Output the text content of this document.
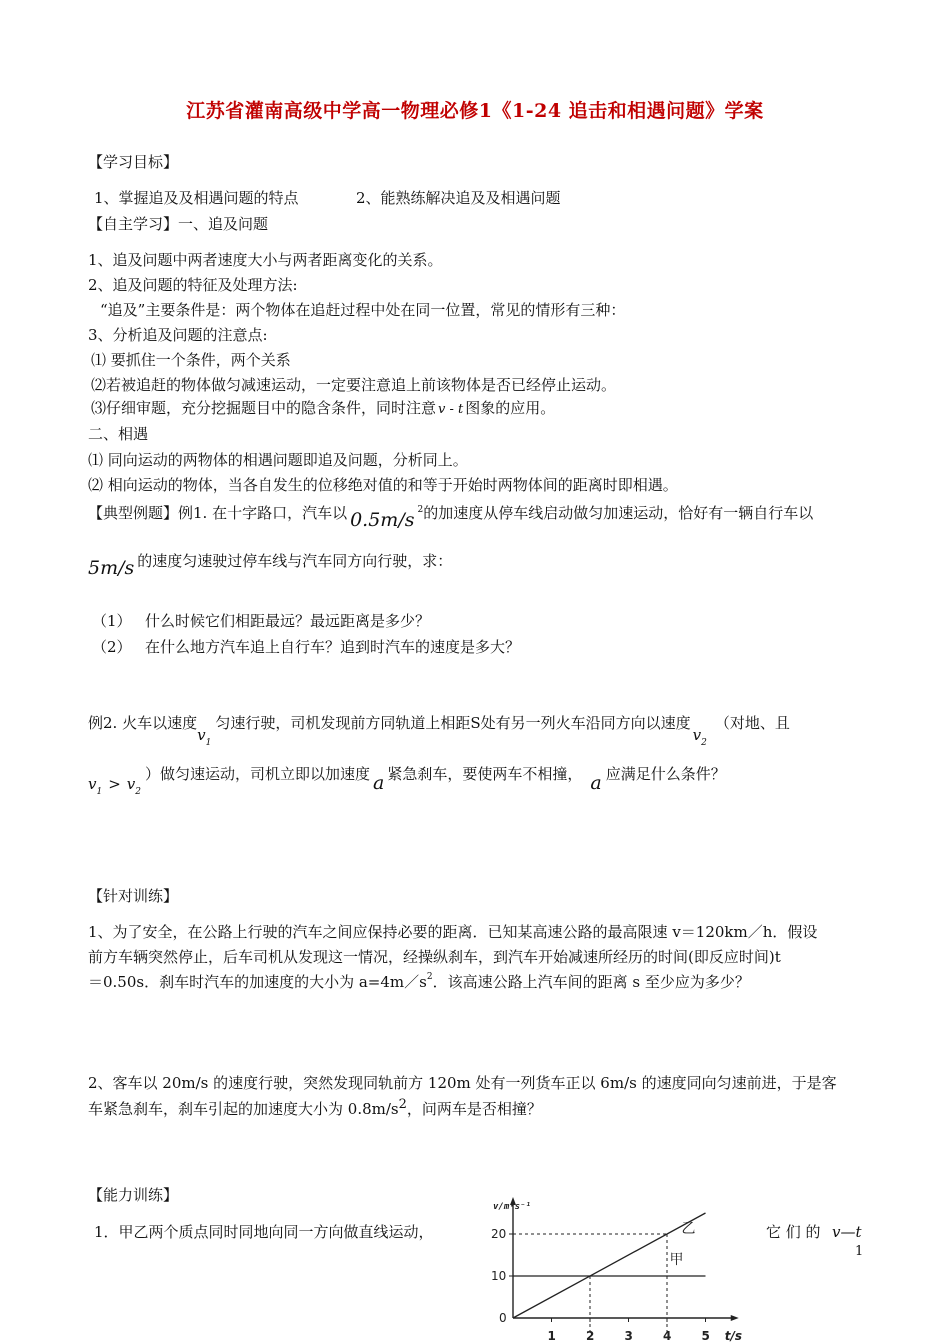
江苏省灌南高级中学高一物理必修1《1-24 追击和相遇问题》学案
【学习目标】
1、掌握追及及相遇问题的特点	2、能熟练解决追及及相遇问题
【自主学习】一、追及问题
1、追及问题中两者速度大小与两者距离变化的关系。
2、追及问题的特征及处理方法:
“追及”主要条件是：两个物体在追赶过程中处在同一位置，常见的情形有三种：
3、分析追及问题的注意点:
⑴ 要抓住一个条件，两个关系
⑵若被追赶的物体做匀减速运动，一定要注意追上前该物体是否已经停止运动。
⑶仔细审题，充分挖掘题目中的隐含条件，同时注意 v - t 图象的应用。
二、相遇
⑴ 同向运动的两物体的相遇问题即追及问题，分析同上。
⑵ 相向运动的物体，当各自发生的位移绝对值的和等于开始时两物体间的距离时即相遇。
【典型例题】例1. 在十字路口，汽车以 0.5m/s $^2$的加速度从停车线启动做匀加速运动，恰好有一辆自行车以
5m/s 的速度匀速驶过停车线与汽车同方向行驶，求：
（1） 什么时候它们相距最远？最远距离是多少？
（2） 在什么地方汽车追上自行车？追到时汽车的速度是多大？
例2. 火车以速度$v_1$匀速行驶，司机发现前方同轨道上相距S处有另一列火车沿同方向以速度$v_2$（对地、且
$v_1 > v_2$）做匀速运动，司机立即以加速度 a 紧急刹车，要使两车不相撞， a 应满足什么条件？
【针对训练】
1、为了安全，在公路上行驶的汽车之间应保持必要的距离．已知某高速公路的最高限速 v＝120km／h．假设
前方车辆突然停止，后车司机从发现这一情况，经操纵刹车，到汽车开始减速所经历的时间(即反应时间)t
＝0.50s．刹车时汽车的加速度的大小为 $a=4m/s^2$．该高速公路上汽车间的距离 s 至少应为多少？
2、客车以 20m/s 的速度行驶，突然发现同轨前方 120m 处有一列货车正以 6m/s 的速度同向匀速前进，于是客
车紧急刹车，刹车引起的加速度大小为 0.8m/s2，问两车是否相撞？
【能力训练】
1．甲乙两个质点同时同地向同一方向做直线运动，	它 们 的 v—t
1
v/m·s⁻¹
t/s
0
1	2	3	4	5
10
20
甲
乙
